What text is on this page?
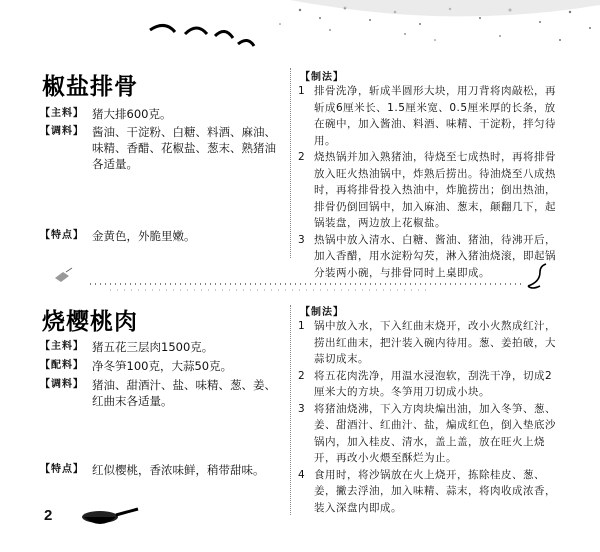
椒盐排骨
【主料】 猪大排600克。
【调料】 酱油、干淀粉、白糖、料酒、麻油、味精、香醋、花椒盐、葱末、熟猪油各适量。
【特点】 金黄色，外脆里嫩。
【制法】
1 排骨洗净，斩成半圆形大块，用刀背将肉敲松，再斩成6厘米长、1.5厘米宽、0.5厘米厚的长条，放在碗中，加入酱油、料酒、味精、干淀粉，拌匀待用。
2 烧热锅并加入熟猪油，待烧至七成热时，再将排骨放入旺火热油锅中，炸熟后捞出。待油烧至八成热时，再将排骨投入热油中，炸脆捞出；倒出热油，排骨仍倒回锅中，加入麻油、葱末，颠翻几下，起锅装盘，两边放上花椒盐。
3 热锅中放入清水、白糖、酱油、猪油，待沸开后，加入香醋，用水淀粉勾芡，淋入猪油烧滚，即起锅分装两小碗，与排骨同时上桌即成。
烧樱桃肉
【主料】 猪五花三层肉1500克。
【配料】 净冬笋100克，大蒜50克。
【调料】 猪油、甜酒汁、盐、味精、葱、姜、红曲末各适量。
【特点】 红似樱桃，香浓味鲜，稍带甜味。
【制法】
1 锅中放入水，下入红曲末烧开，改小火熬成红汁，捞出红曲末，把汁装入碗内待用。葱、姜拍破，大蒜切成末。
2 将五花肉洗净，用温水浸泡软，刮洗干净，切成2厘米大的方块。冬笋用刀切成小块。
3 将猪油烧沸，下入方肉块煸出油，加入冬笋、葱、姜、甜酒汁、红曲汁、盐，煸成红色，倒入垫底沙锅内，加入桂皮、清水，盖上盖，放在旺火上烧开，再改小火煨至酥烂为止。
4 食用时，将沙锅放在火上烧开，拣除桂皮、葱、姜，撇去浮油，加入味精、蒜末，将肉收成浓香，装入深盘内即成。
2
